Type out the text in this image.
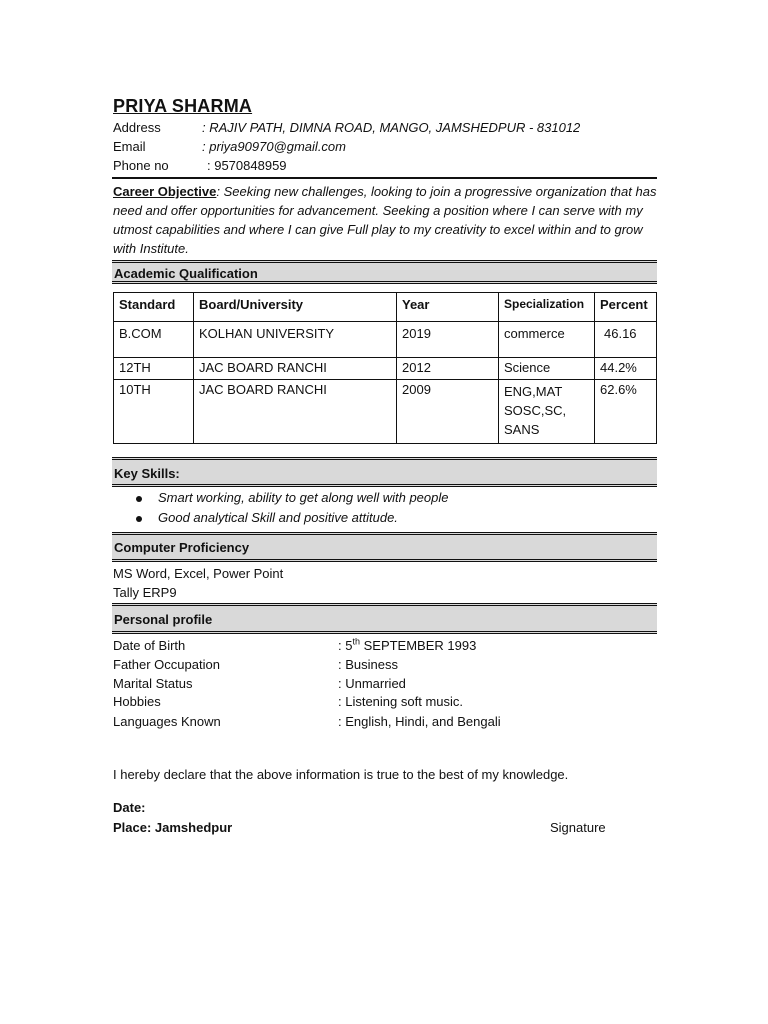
PRIYA SHARMA
Address	: RAJIV PATH, DIMNA ROAD, MANGO, JAMSHEDPUR - 831012
Email	: priya90970@gmail.com
Phone no	: 9570848959
Career Objective: Seeking new challenges, looking to join a progressive organization that has need and offer opportunities for advancement. Seeking a position where I can serve with my utmost capabilities and where I can give Full play to my creativity to excel within and to grow with Institute.
Academic Qualification
Standard	Board/University	Year	Specialization	Percent
B.COM	KOLHAN UNIVERSITY	2019	commerce	46.16
12TH	JAC BOARD RANCHI	2012	Science	44.2%
10TH	JAC BOARD RANCHI	2009	ENG,MAT SOSC,SC, SANS	62.6%
Key Skills:
Smart working, ability to get along well with people
Good analytical Skill and positive attitude.
Computer Proficiency
MS Word, Excel, Power Point
Tally ERP9
Personal profile
Date of Birth	: 5th SEPTEMBER 1993
Father Occupation	: Business
Marital Status	: Unmarried
Hobbies	: Listening soft music.
Languages Known	: English, Hindi, and Bengali
I hereby declare that the above information is true to the best of my knowledge.
Date:
Place: Jamshedpur	Signature
